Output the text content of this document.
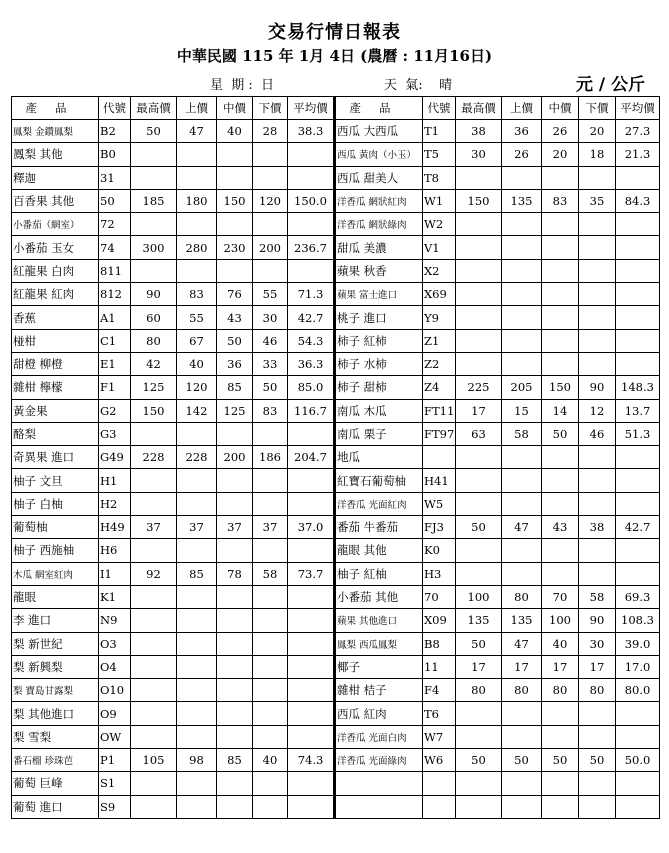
交易行情日報表
中華民國 115 年 1月 4日 (農曆 : 11月16日)
星  期 :  日	天  氣:    晴	元 / 公斤
產品	代號	最高價	上價	中價	下價	平均價	產品	代號	最高價	上價	中價	下價	平均價
鳳梨 金鑽鳳梨	B2	50	47	40	28	38.3	西瓜 大西瓜	T1	38	36	26	20	27.3
鳳梨 其他	B0						西瓜 黃肉（小玉）	T5	30	26	20	18	21.3
釋迦	31						西瓜 甜美人	T8					
百香果 其他	50	185	180	150	120	150.0	洋香瓜 網狀紅肉	W1	150	135	83	35	84.3
小番茄（網室）	72						洋香瓜 網狀綠肉	W2					
小番茄 玉女	74	300	280	230	200	236.7	甜瓜 美濃	V1					
紅龍果 白肉	811						蘋果 秋香	X2					
紅龍果 紅肉	812	90	83	76	55	71.3	蘋果 富士進口	X69					
香蕉	A1	60	55	43	30	42.7	桃子 進口	Y9					
椪柑	C1	80	67	50	46	54.3	柿子 紅柿	Z1					
甜橙 柳橙	E1	42	40	36	33	36.3	柿子 水柿	Z2					
雜柑 檸檬	F1	125	120	85	50	85.0	柿子 甜柿	Z4	225	205	150	90	148.3
黃金果	G2	150	142	125	83	116.7	南瓜 木瓜	FT11	17	15	14	12	13.7
酪梨	G3						南瓜 栗子	FT97	63	58	50	46	51.3
奇異果 進口	G49	228	228	200	186	204.7	地瓜						
柚子 文旦	H1						紅寶石葡萄柚	H41					
柚子 白柚	H2						洋香瓜 光面紅肉	W5					
葡萄柚	H49	37	37	37	37	37.0	番茄 牛番茄	FJ3	50	47	43	38	42.7
柚子 西施柚	H6						龍眼 其他	K0					
木瓜 網室紅肉	I1	92	85	78	58	73.7	柚子 紅柚	H3					
龍眼	K1						小番茄 其他	70	100	80	70	58	69.3
李 進口	N9						蘋果 其他進口	X09	135	135	100	90	108.3
梨 新世紀	O3						鳳梨 西瓜鳳梨	B8	50	47	40	30	39.0
梨 新興梨	O4						椰子	11	17	17	17	17	17.0
梨 寶島甘露梨	O10						雜柑 桔子	F4	80	80	80	80	80.0
梨 其他進口	O9						西瓜 紅肉	T6					
梨 雪梨	OW						洋香瓜 光面白肉	W7					
番石榴 珍珠芭	P1	105	98	85	40	74.3	洋香瓜 光面綠肉	W6	50	50	50	50	50.0
葡萄 巨峰	S1												
葡萄 進口	S9												
